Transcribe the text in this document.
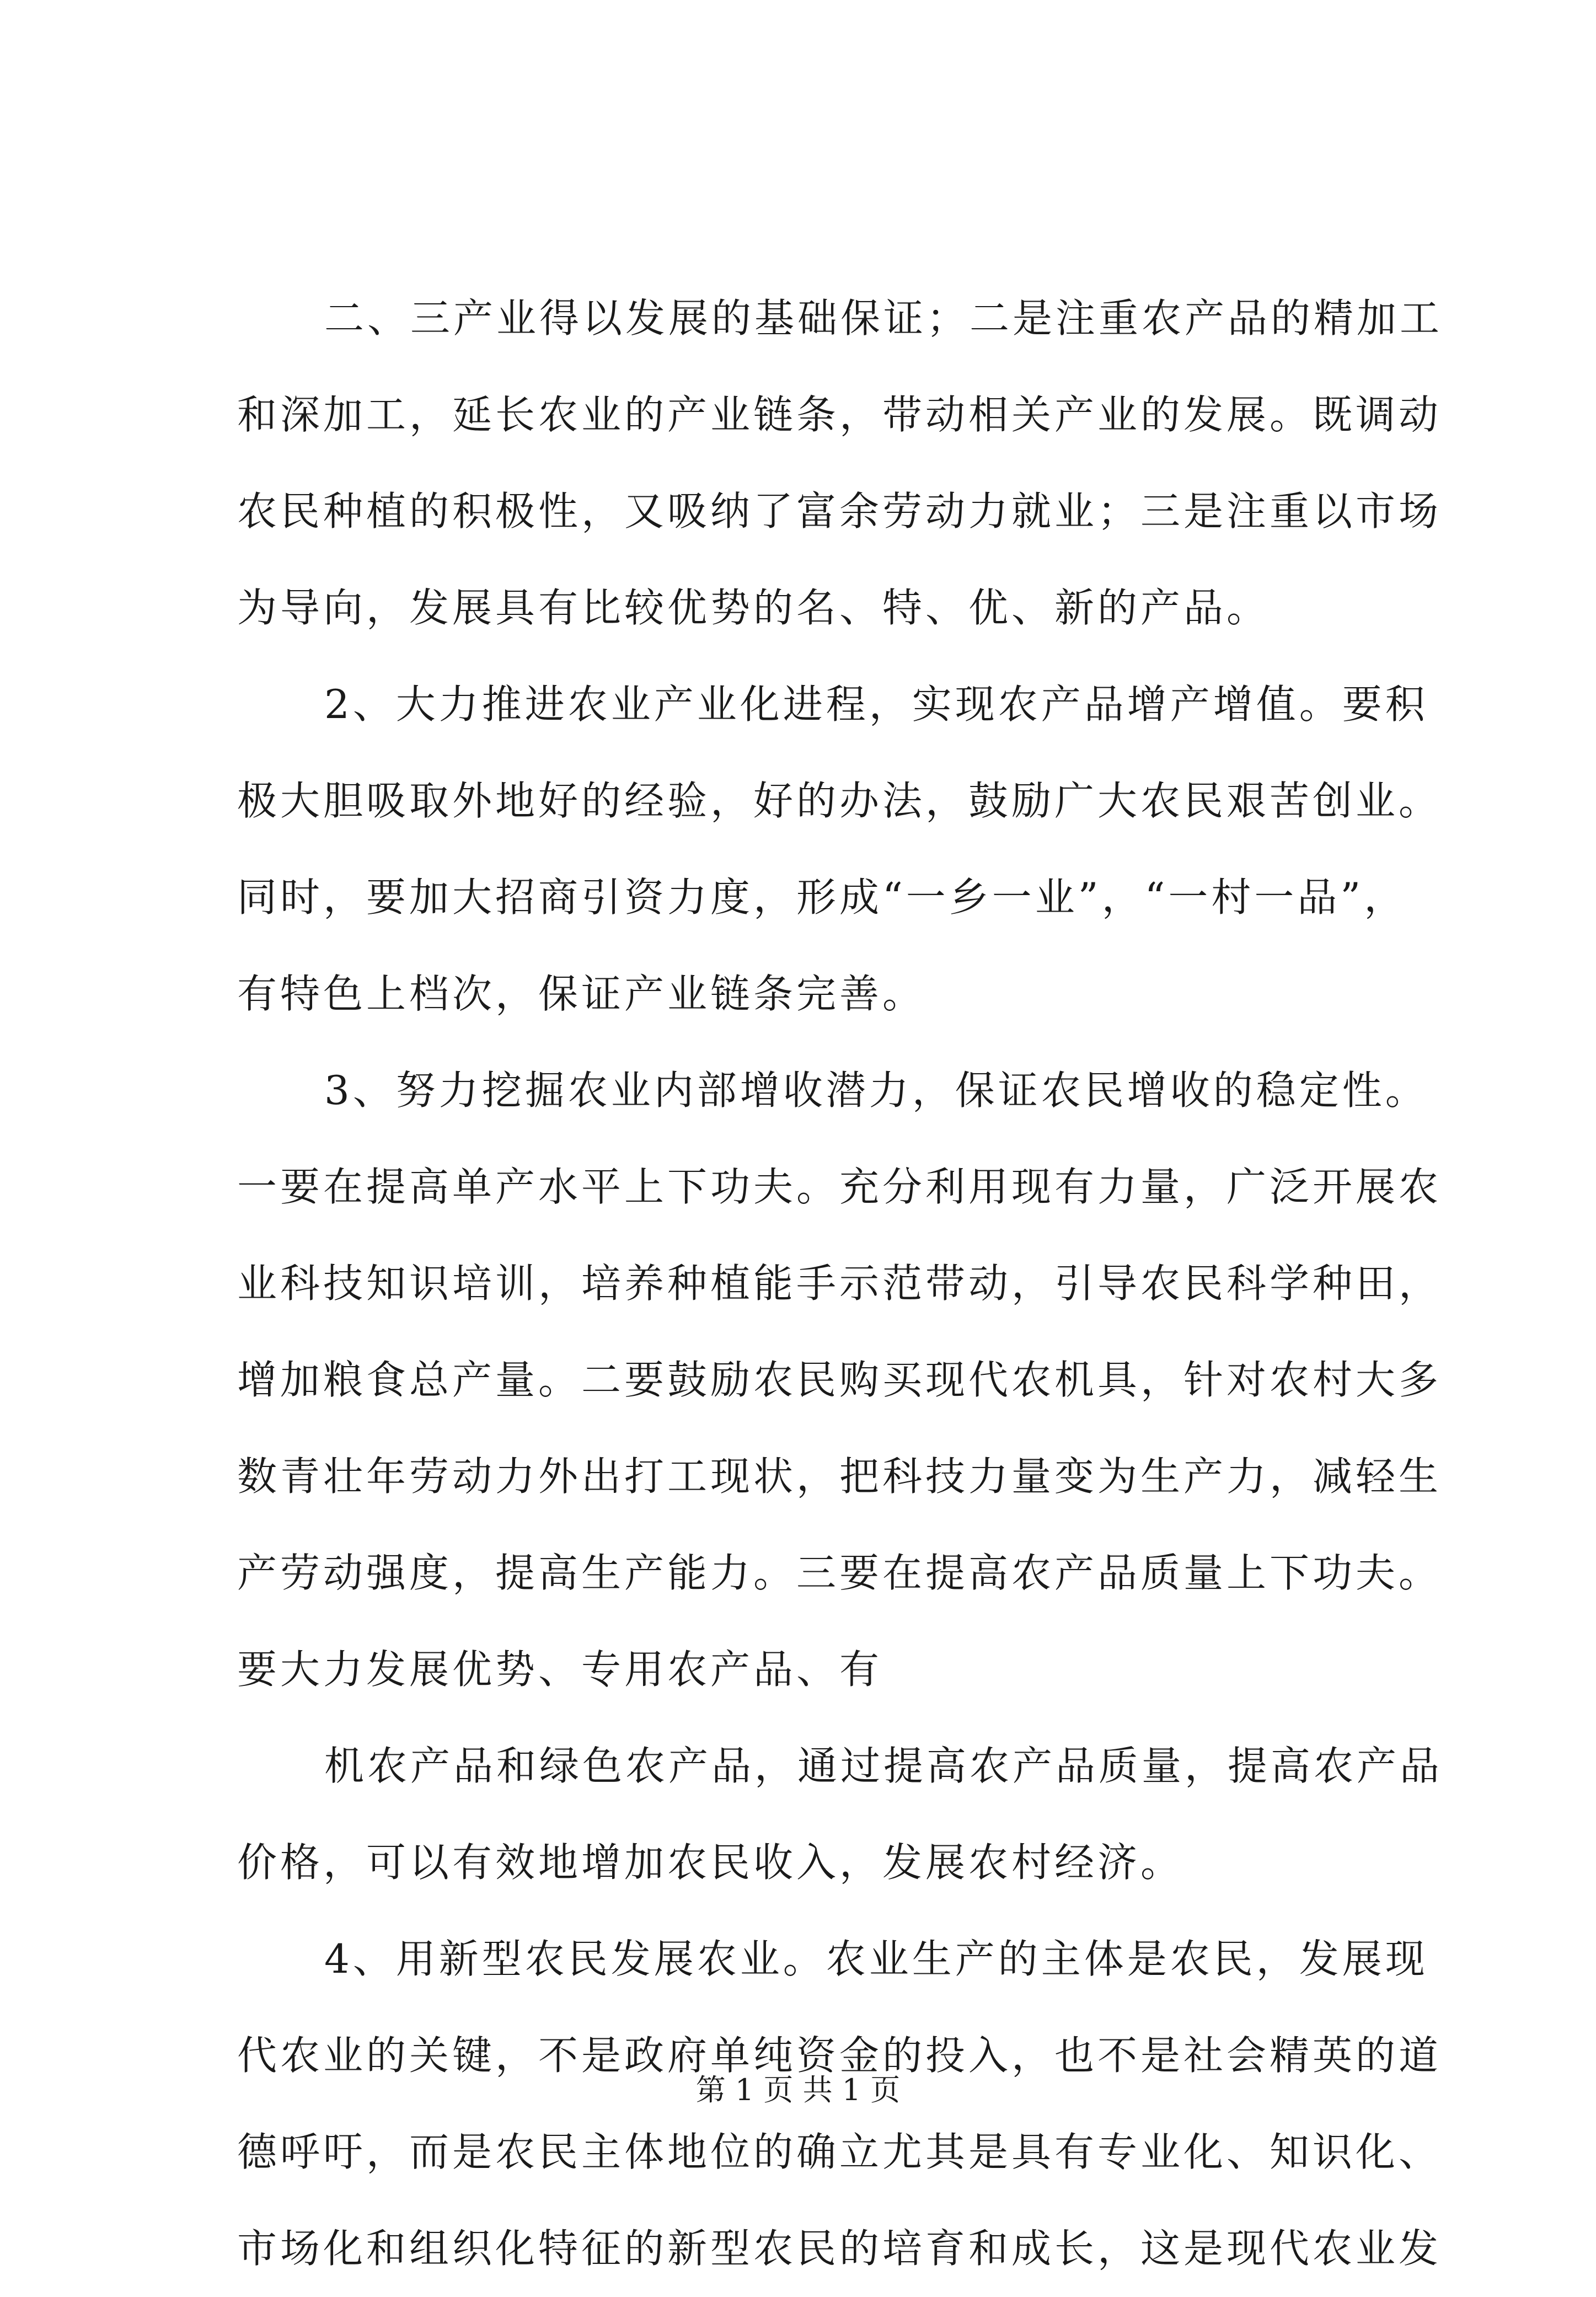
二、三产业得以发展的基础保证；二是注重农产品的精加工
和深加工，延长农业的产业链条，带动相关产业的发展。既调动
农民种植的积极性，又吸纳了富余劳动力就业；三是注重以市场
为导向，发展具有比较优势的名、特、优、新的产品。
2、大力推进农业产业化进程，实现农产品增产增值。要积
极大胆吸取外地好的经验，好的办法，鼓励广大农民艰苦创业。
同时，要加大招商引资力度，形成“一乡一业”，“一村一品”，
有特色上档次，保证产业链条完善。
3、努力挖掘农业内部增收潜力，保证农民增收的稳定性。
一要在提高单产水平上下功夫。充分利用现有力量，广泛开展农
业科技知识培训，培养种植能手示范带动，引导农民科学种田，
增加粮食总产量。二要鼓励农民购买现代农机具，针对农村大多
数青壮年劳动力外出打工现状，把科技力量变为生产力，减轻生
产劳动强度，提高生产能力。三要在提高农产品质量上下功夫。
要大力发展优势、专用农产品、有
机农产品和绿色农产品，通过提高农产品质量，提高农产品
价格，可以有效地增加农民收入，发展农村经济。
4、用新型农民发展农业。农业生产的主体是农民，发展现
代农业的关键，不是政府单纯资金的投入，也不是社会精英的道
德呼吁，而是农民主体地位的确立尤其是具有专业化、知识化、
市场化和组织化特征的新型农民的培育和成长，这是现代农业发
第 1 页 共 1 页
